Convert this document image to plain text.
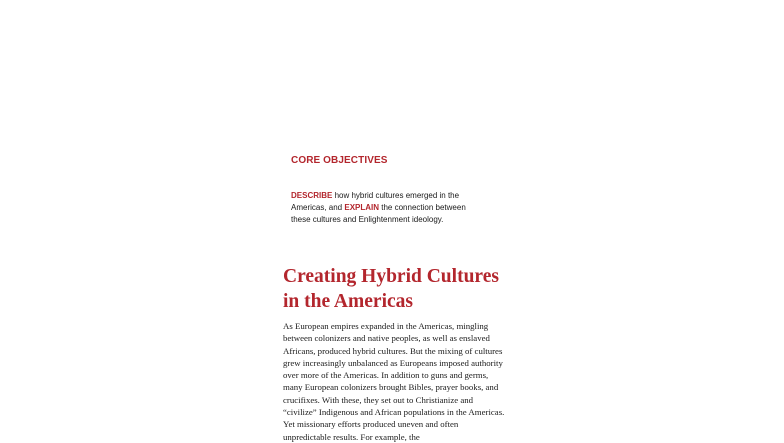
CORE OBJECTIVES

DESCRIBE how hybrid cultures emerged in the Americas, and EXPLAIN the connection between these cultures and Enlightenment ideology.

Creating Hybrid Cultures in the Americas

As European empires expanded in the Americas, mingling between colonizers and native peoples, as well as enslaved Africans, produced hybrid cultures. But the mixing of cultures grew increasingly unbalanced as Europeans imposed authority over more of the Americas. In addition to guns and germs, many European colonizers brought Bibles, prayer books, and crucifixes. With these, they set out to Christianize and “civilize” Indigenous and African populations in the Americas. Yet missionary efforts produced uneven and often unpredictable results. For example, the
